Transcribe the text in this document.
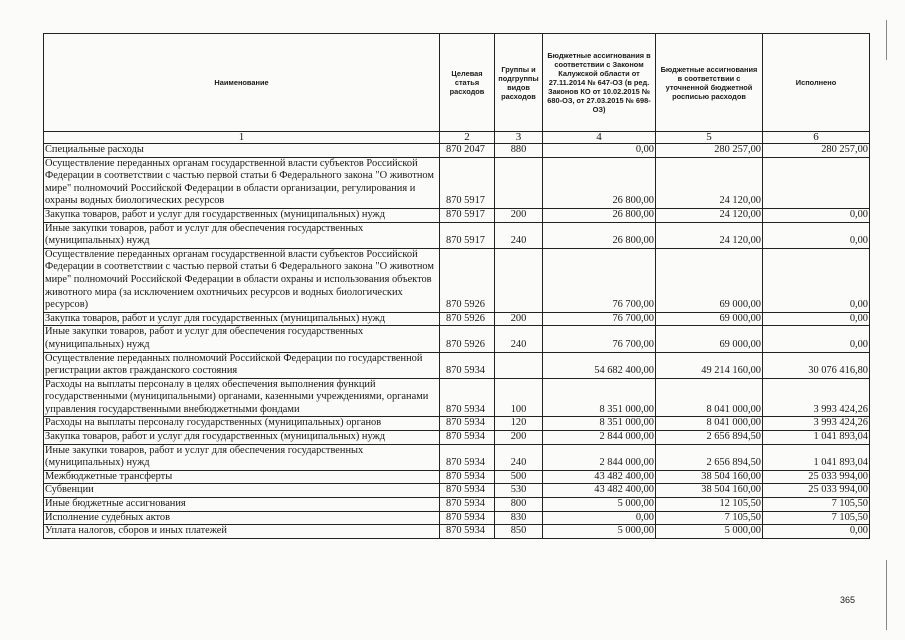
Наименование	Целевая статья расходов	Группы и подгруппы видов расходов	Бюджетные ассигнования в соответствии с Законом Калужской области от 27.11.2014 № 647-ОЗ (в ред. Законов КО от 10.02.2015 № 680-ОЗ, от 27.03.2015 № 698-ОЗ)	Бюджетные ассигнования в соответствии с уточненной бюджетной росписью расходов	Исполнено
1	2	3	4	5	6
Специальные расходы	870 2047	880	0,00	280 257,00	280 257,00
Осуществление переданных органам государственной власти субъектов Российской Федерации в соответствии с частью первой статьи 6 Федерального закона "О животном мире" полномочий Российской Федерации в области организации, регулирования и охраны водных биологических ресурсов	870 5917		26 800,00	24 120,00	
Закупка товаров, работ и услуг для государственных (муниципальных) нужд	870 5917	200	26 800,00	24 120,00	0,00
Иные закупки товаров, работ и услуг для обеспечения государственных (муниципальных) нужд	870 5917	240	26 800,00	24 120,00	0,00
Осуществление переданных органам государственной власти субъектов Российской Федерации в соответствии с частью первой статьи 6 Федерального закона "О животном мире" полномочий Российской Федерации в области охраны и использования объектов животного мира (за исключением охотничьих ресурсов и водных биологических ресурсов)	870 5926		76 700,00	69 000,00	0,00
Закупка товаров, работ и услуг для государственных (муниципальных) нужд	870 5926	200	76 700,00	69 000,00	0,00
Иные закупки товаров, работ и услуг для обеспечения государственных (муниципальных) нужд	870 5926	240	76 700,00	69 000,00	0,00
Осуществление переданных полномочий Российской Федерации по государственной регистрации актов гражданского состояния	870 5934		54 682 400,00	49 214 160,00	30 076 416,80
Расходы на выплаты персоналу в целях обеспечения выполнения функций государственными (муниципальными) органами, казенными учреждениями, органами управления государственными внебюджетными фондами	870 5934	100	8 351 000,00	8 041 000,00	3 993 424,26
Расходы на выплаты персоналу государственных (муниципальных) органов	870 5934	120	8 351 000,00	8 041 000,00	3 993 424,26
Закупка товаров, работ и услуг для государственных (муниципальных) нужд	870 5934	200	2 844 000,00	2 656 894,50	1 041 893,04
Иные закупки товаров, работ и услуг для обеспечения государственных (муниципальных) нужд	870 5934	240	2 844 000,00	2 656 894,50	1 041 893,04
Межбюджетные трансферты	870 5934	500	43 482 400,00	38 504 160,00	25 033 994,00
Субвенции	870 5934	530	43 482 400,00	38 504 160,00	25 033 994,00
Иные бюджетные ассигнования	870 5934	800	5 000,00	12 105,50	7 105,50
Исполнение судебных актов	870 5934	830	0,00	7 105,50	7 105,50
Уплата налогов, сборов и иных платежей	870 5934	850	5 000,00	5 000,00	0,00
365
